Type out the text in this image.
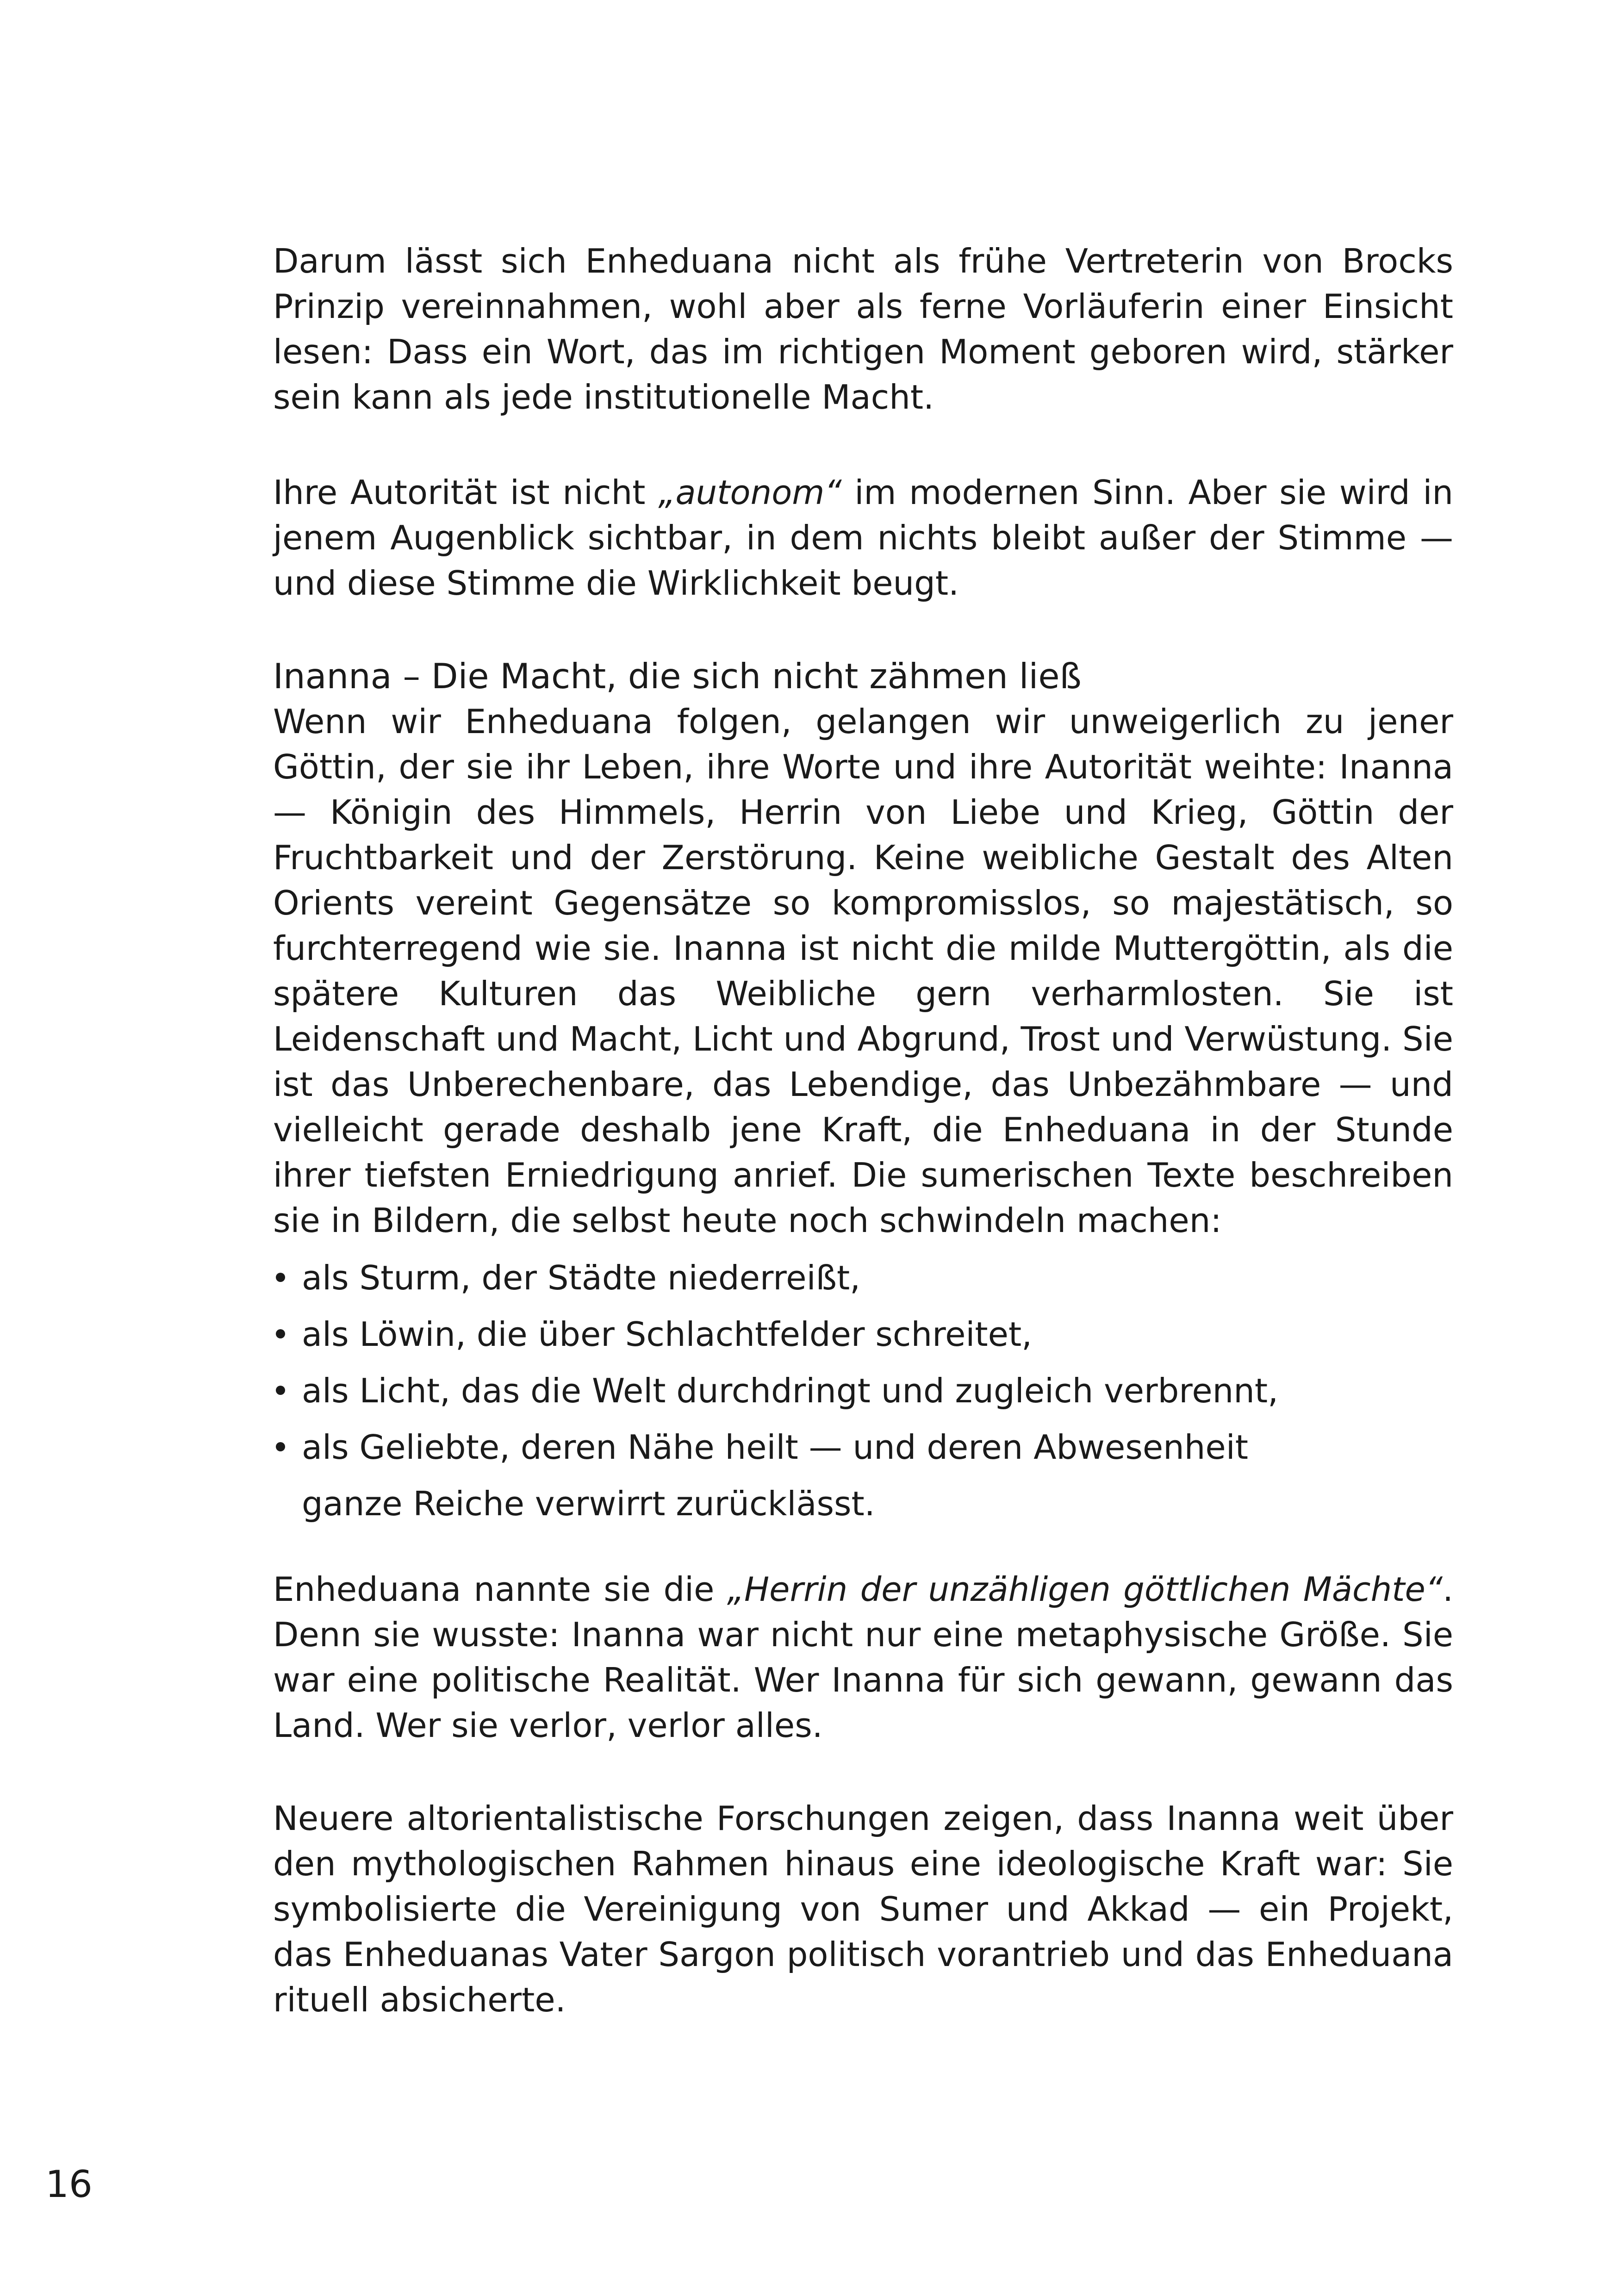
Darum lässt sich Enheduana nicht als frühe Vertreterin von Brocks Prinzip vereinnahmen, wohl aber als ferne Vorläuferin einer Einsicht lesen: Dass ein Wort, das im richtigen Moment geboren wird, stärker sein kann als jede institutionelle Macht.

Ihre Autorität ist nicht „autonom“ im modernen Sinn. Aber sie wird in jenem Augenblick sichtbar, in dem nichts bleibt außer der Stimme — und diese Stimme die Wirklichkeit beugt.

Inanna – Die Macht, die sich nicht zähmen ließ

Wenn wir Enheduana folgen, gelangen wir unweigerlich zu jener Göttin, der sie ihr Leben, ihre Worte und ihre Autorität weihte: Inanna — Königin des Himmels, Herrin von Liebe und Krieg, Göttin der Fruchtbarkeit und der Zerstörung. Keine weibliche Gestalt des Alten Orients vereint Gegensätze so kompromisslos, so majestätisch, so furchterregend wie sie. Inanna ist nicht die milde Muttergöttin, als die spätere Kulturen das Weibliche gern verharmlosten. Sie ist Leidenschaft und Macht, Licht und Abgrund, Trost und Verwüstung. Sie ist das Unberechenbare, das Lebendige, das Unbezähmbare — und vielleicht gerade deshalb jene Kraft, die Enheduana in der Stunde ihrer tiefsten Erniedrigung anrief. Die sumerischen Texte beschreiben sie in Bildern, die selbst heute noch schwindeln machen:

als Sturm, der Städte niederreißt,
als Löwin, die über Schlachtfelder schreitet,
als Licht, das die Welt durchdringt und zugleich verbrennt,
als Geliebte, deren Nähe heilt — und deren Abwesenheit
ganze Reiche verwirrt zurücklässt.

Enheduana nannte sie die „Herrin der unzähligen göttlichen Mächte“. Denn sie wusste: Inanna war nicht nur eine metaphysische Größe. Sie war eine politische Realität. Wer Inanna für sich gewann, gewann das Land. Wer sie verlor, verlor alles.

Neuere altorientalistische Forschungen zeigen, dass Inanna weit über den mythologischen Rahmen hinaus eine ideologische Kraft war: Sie symbolisierte die Vereinigung von Sumer und Akkad — ein Projekt, das Enheduanas Vater Sargon politisch vorantrieb und das Enheduana rituell absicherte.

16
